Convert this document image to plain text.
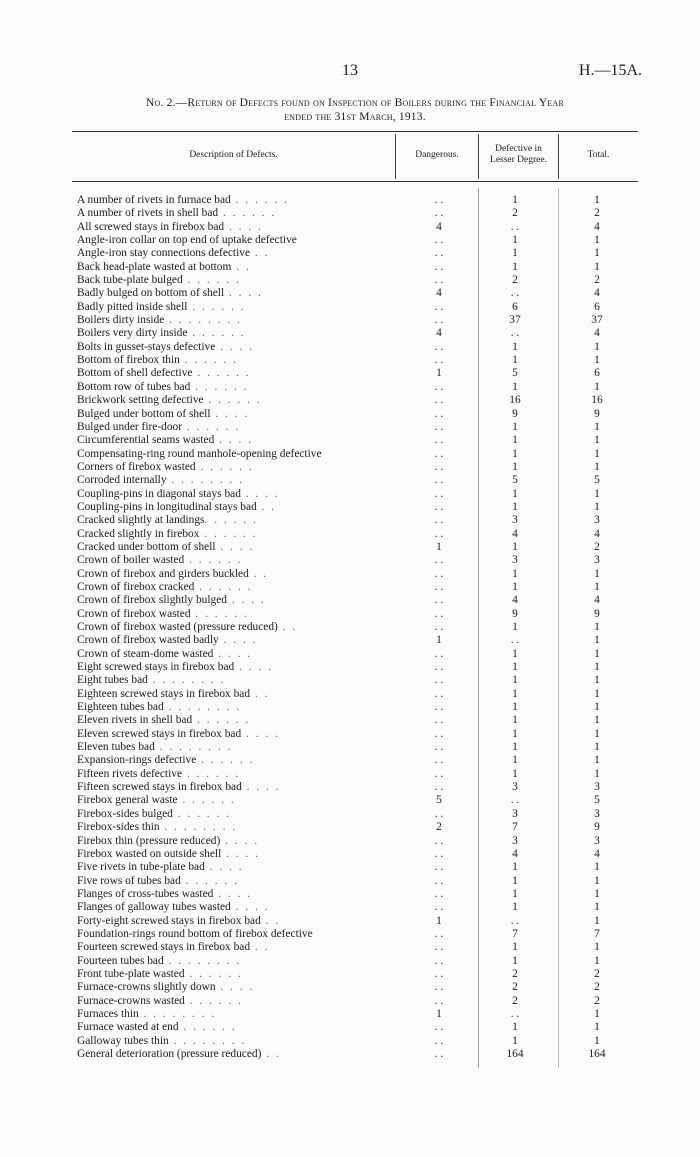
13	H.—15A.
No. 2.—Return of Defects found on Inspection of Boilers during the Financial Year
ended the 31st March, 1913.
Description of Defects.	Dangerous.
Defective in
Lesser Degree.	Total.
A number of rivets in furnace bad . . . . . .	. .	1	1
A number of rivets in shell bad . . . . . .	. .	2	2
All screwed stays in firebox bad . . . .	4	. .	4
Angle-iron collar on top end of uptake defective	. .	1	1
Angle-iron stay connections defective . .	. .	1	1
Back head-plate wasted at bottom . .	. .	1	1
Back tube-plate bulged . . . . . .	. .	2	2
Badly bulged on bottom of shell . . . .	4	. .	4
Badly pitted inside shell . . . . . .	. .	6	6
Boilers dirty inside . . . . . . . .	. .	37	37
Boilers very dirty inside . . . . . .	4	. .	4
Bolts in gusset-stays defective . . . .	. .	1	1
Bottom of firebox thin . . . . . .	. .	1	1
Bottom of shell defective . . . . . .	1	5	6
Bottom row of tubes bad . . . . . .	. .	1	1
Brickwork setting defective . . . . . .	. .	16	16
Bulged under bottom of shell . . . .	. .	9	9
Bulged under fire-door . . . . . .	. .	1	1
Circumferential seams wasted . . . .	. .	1	1
Compensating-ring round manhole-opening defective	. .	1	1
Corners of firebox wasted . . . . . .	. .	1	1
Corroded internally . . . . . . . .	. .	5	5
Coupling-pins in diagonal stays bad . . . .	. .	1	1
Coupling-pins in longitudinal stays bad . .	. .	1	1
Cracked slightly at landings. . . . . .	. .	3	3
Cracked slightly in firebox . . . . . .	. .	4	4
Cracked under bottom of shell . . . .	1	1	2
Crown of boiler wasted . . . . . .	. .	3	3
Crown of firebox and girders buckled . .	. .	1	1
Crown of firebox cracked . . . . . .	. .	1	1
Crown of firebox slightly bulged . . . .	. .	4	4
Crown of firebox wasted . . . . . .	. .	9	9
Crown of firebox wasted (pressure reduced) . .	. .	1	1
Crown of firebox wasted badly . . . .	1	. .	1
Crown of steam-dome wasted . . . .	. .	1	1
Eight screwed stays in firebox bad . . . .	. .	1	1
Eight tubes bad . . . . . . . .	. .	1	1
Eighteen screwed stays in firebox bad . .	. .	1	1
Eighteen tubes bad . . . . . . . .	. .	1	1
Eleven rivets in shell bad . . . . . .	. .	1	1
Eleven screwed stays in firebox bad . . . .	. .	1	1
Eleven tubes bad . . . . . . . .	. .	1	1
Expansion-rings defective . . . . . .	. .	1	1
Fifteen rivets defective . . . . . .	. .	1	1
Fifteen screwed stays in firebox bad . . . .	. .	3	3
Firebox general waste . . . . . .	5	. .	5
Firebox-sides bulged . . . . . .	. .	3	3
Firebox-sides thin . . . . . . . .	2	7	9
Firebox thin (pressure reduced) . . . .	. .	3	3
Firebox wasted on outside shell . . . .	. .	4	4
Five rivets in tube-plate bad . . . .	. .	1	1
Five rows of tubes bad . . . . . .	. .	1	1
Flanges of cross-tubes wasted . . . .	. .	1	1
Flanges of galloway tubes wasted . . . .	. .	1	1
Forty-eight screwed stays in firebox bad . .	1	. .	1
Foundation-rings round bottom of firebox defective	. .	7	7
Fourteen screwed stays in firebox bad . .	. .	1	1
Fourteen tubes bad . . . . . . . .	. .	1	1
Front tube-plate wasted . . . . . .	. .	2	2
Furnace-crowns slightly down . . . .	. .	2	2
Furnace-crowns wasted . . . . . .	. .	2	2
Furnaces thin . . . . . . . .	1	. .	1
Furnace wasted at end . . . . . .	. .	1	1
Galloway tubes thin . . . . . . . .	. .	1	1
General deterioration (pressure reduced) . .	. .	164	164
